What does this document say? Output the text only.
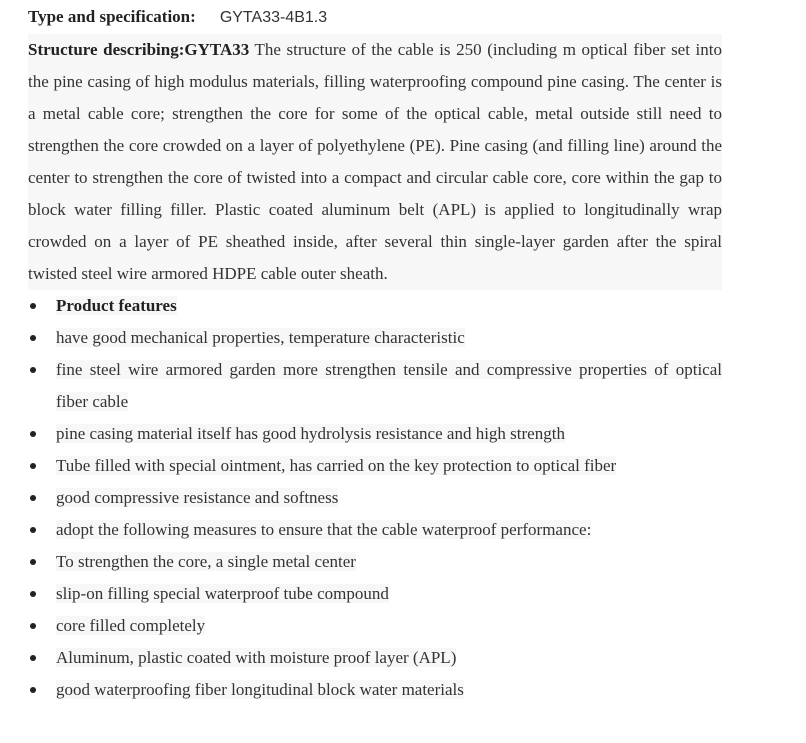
Type and specification: GYTA33-4B1.3

Structure describing:GYTA33 The structure of the cable is 250 (including m optical fiber set into the pine casing of high modulus materials, filling waterproofing compound pine casing. The center is a metal cable core; strengthen the core for some of the optical cable, metal outside still need to strengthen the core crowded on a layer of polyethylene (PE). Pine casing (and filling line) around the center to strengthen the core of twisted into a compact and circular cable core, core within the gap to block water filling filler. Plastic coated aluminum belt (APL) is applied to longitudinally wrap crowded on a layer of PE sheathed inside, after several thin single-layer garden after the spiral twisted steel wire armored HDPE cable outer sheath.

Product features
have good mechanical properties, temperature characteristic
fine steel wire armored garden more strengthen tensile and compressive properties of optical fiber cable
pine casing material itself has good hydrolysis resistance and high strength
Tube filled with special ointment, has carried on the key protection to optical fiber
good compressive resistance and softness
adopt the following measures to ensure that the cable waterproof performance:
To strengthen the core, a single metal center
slip-on filling special waterproof tube compound
core filled completely
Aluminum, plastic coated with moisture proof layer (APL)
good waterproofing fiber longitudinal block water materials
